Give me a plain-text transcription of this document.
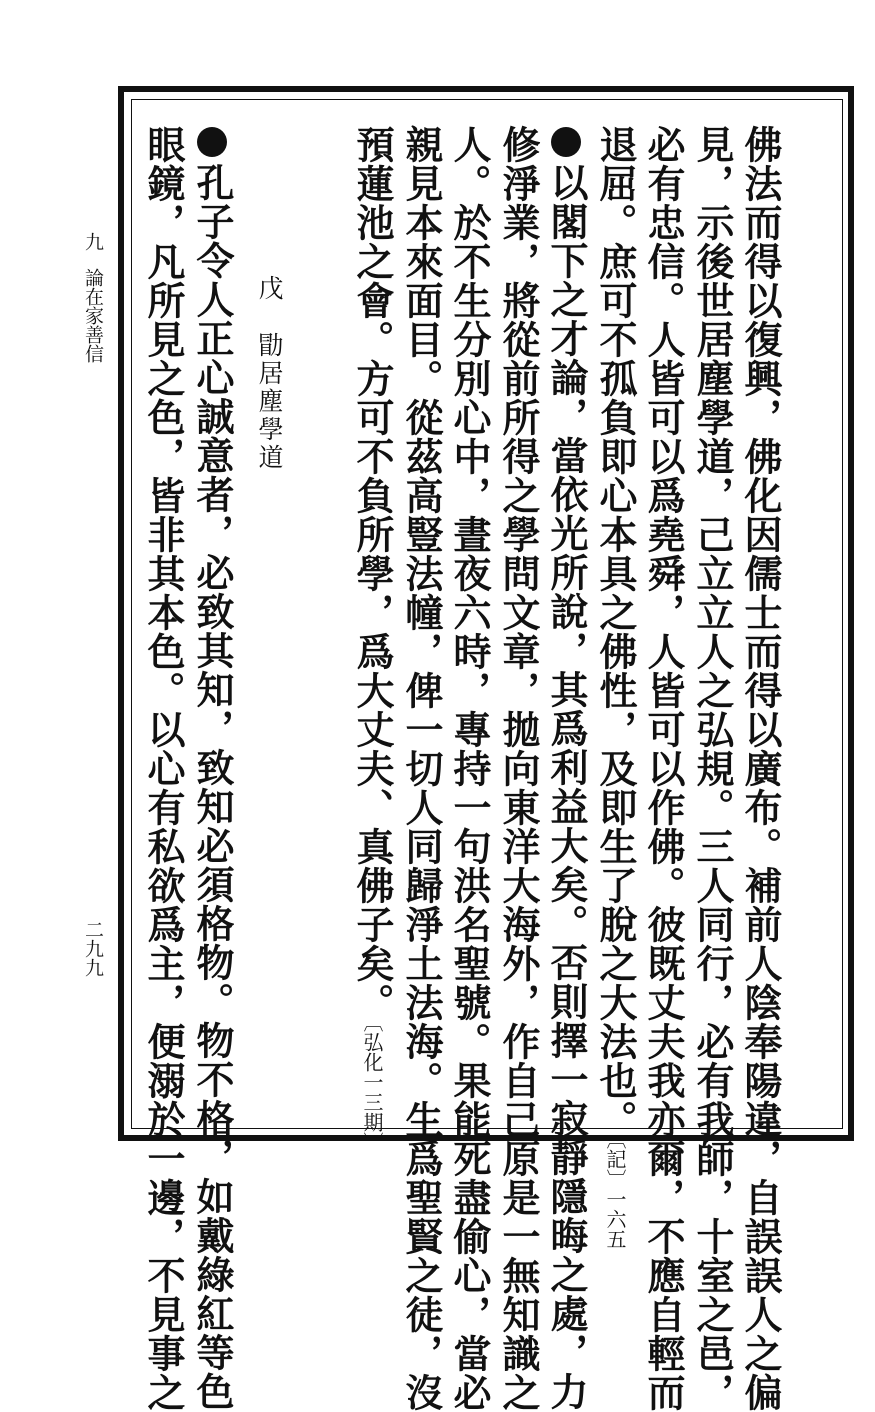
佛法而得以復興，佛化因儒士而得以廣布。補前人陰奉陽違，自誤誤人之偏
見，示後世居塵學道，己立立人之弘規。三人同行，必有我師，十室之邑，
必有忠信。人皆可以爲堯舜，人皆可以作佛。彼既丈夫我亦爾，不應自輕而
退屈。庶可不孤負即心本具之佛性，及即生了脫之大法也。〔記〕一六五
以閣下之才論，當依光所說，其爲利益大矣。否則擇一寂靜隱晦之處，力
修淨業，將從前所得之學問文章，拋向東洋大海外，作自己原是一無知識之
人。於不生分別心中，晝夜六時，專持一句洪名聖號。果能死盡偷心，當必
親見本來面目。從茲高豎法幢，俾一切人同歸淨土法海。生爲聖賢之徒，沒
預蓮池之會。方可不負所學，爲大丈夫、真佛子矣。〔弘化一三期〕
戊
勖居塵學道
孔子令人正心誠意者，必致其知，致知必須格物。物不格，如戴綠紅等色
眼鏡，凡所見之色，皆非其本色。以心有私欲爲主，便溺於一邊，不見事之
九
論在家善信
二九九
